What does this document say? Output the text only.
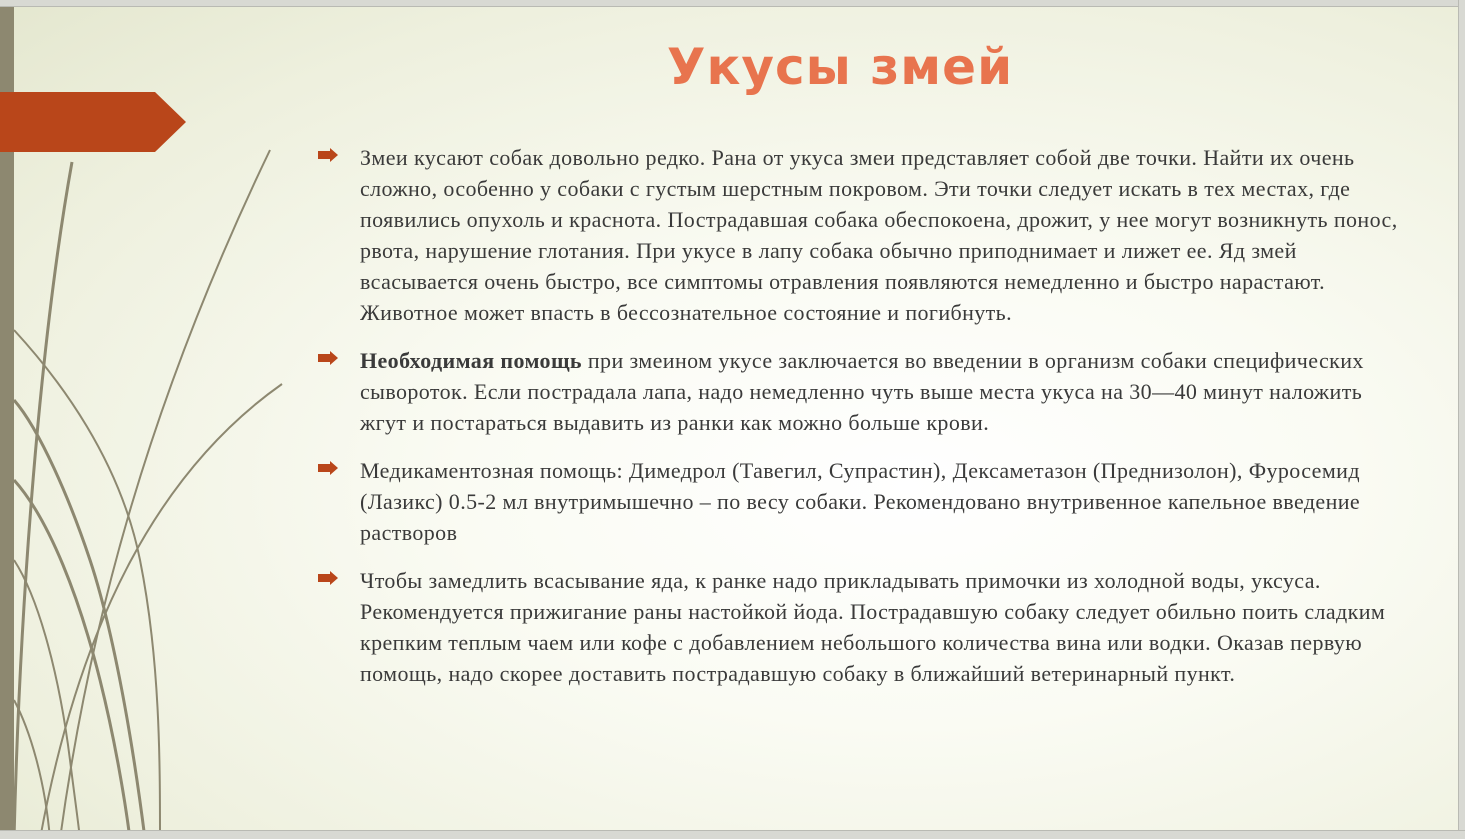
Укусы змей
Змеи кусают собак довольно редко. Рана от укуса змеи представляет собой две точки. Найти их очень сложно, особенно у собаки с густым шерстным покровом. Эти точки следует искать в тех местах, где появились опухоль и краснота. Пострадавшая собака обеспокоена, дрожит, у нее могут возникнуть понос, рвота, нарушение глотания. При укусе в лапу собака обычно приподнимает и лижет ее. Яд змей всасывается очень быстро, все симптомы отравления появляются немедленно и быстро нарастают. Животное может впасть в бессознательное состояние и погибнуть.
Необходимая помощь при змеином укусе заключается во введении в организм собаки специфических сывороток. Если пострадала лапа, надо немедленно чуть выше места укуса на 30—40 минут наложить жгут и постараться выдавить из ранки как можно больше крови.
Медикаментозная помощь: Димедрол (Тавегил, Супрастин), Дексаметазон (Преднизолон), Фуросемид (Лазикс) 0.5-2 мл внутримышечно – по весу собаки. Рекомендовано внутривенное капельное введение растворов
Чтобы замедлить всасывание яда, к ранке надо прикладывать примочки из холодной воды, уксуса. Рекомендуется прижигание раны настойкой йода. Пострадавшую собаку следует обильно поить сладким крепким теплым чаем или кофе с добавлением небольшого количества вина или водки. Оказав первую помощь, надо скорее доставить пострадавшую собаку в ближайший ветеринарный пункт.
